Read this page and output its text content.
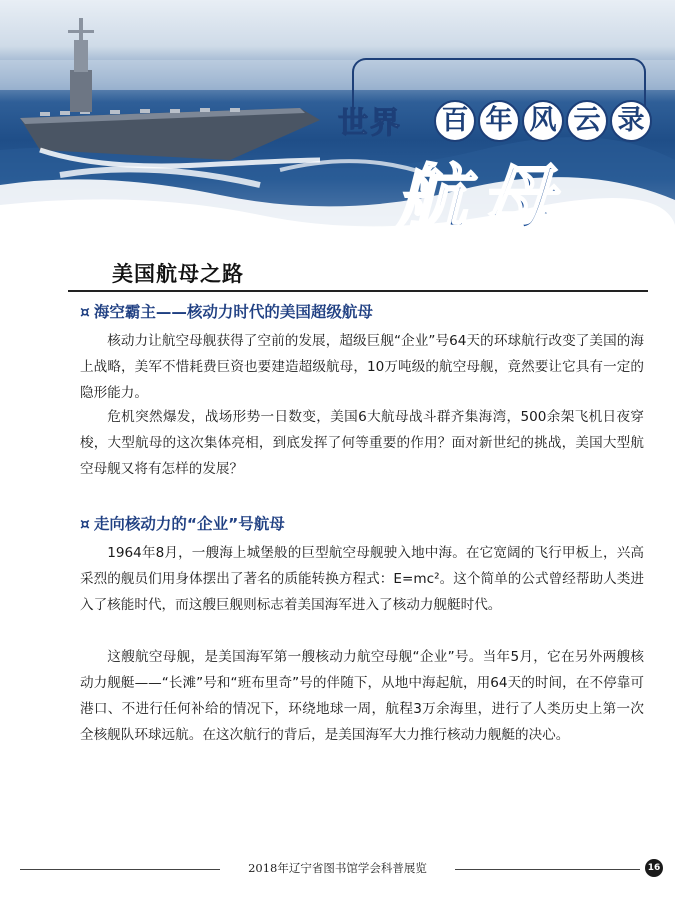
世界 百 年 风 云 录
航母
美国航母之路
¤ 海空霸主——核动力时代的美国超级航母
核动力让航空母舰获得了空前的发展，超级巨舰“企业”号64天的环球航行改变了美国的海上战略，美军不惜耗费巨资也要建造超级航母，10万吨级的航空母舰，竟然要让它具有一定的隐形能力。
危机突然爆发，战场形势一日数变，美国6大航母战斗群齐集海湾，500余架飞机日夜穿梭，大型航母的这次集体亮相，到底发挥了何等重要的作用？面对新世纪的挑战，美国大型航空母舰又将有怎样的发展？
¤ 走向核动力的“企业”号航母
1964年8月，一艘海上城堡般的巨型航空母舰驶入地中海。在它宽阔的飞行甲板上，兴高采烈的舰员们用身体摆出了著名的质能转换方程式：E=mc²。这个简单的公式曾经帮助人类进入了核能时代，而这艘巨舰则标志着美国海军进入了核动力舰艇时代。
这艘航空母舰，是美国海军第一艘核动力航空母舰“企业”号。当年5月，它在另外两艘核动力舰艇——“长滩”号和“班布里奇”号的伴随下，从地中海起航，用64天的时间，在不停靠可港口、不进行任何补给的情况下，环绕地球一周，航程3万余海里，进行了人类历史上第一次全核舰队环球远航。在这次航行的背后，是美国海军大力推行核动力舰艇的决心。
2018年辽宁省图书馆学会科普展览	16
